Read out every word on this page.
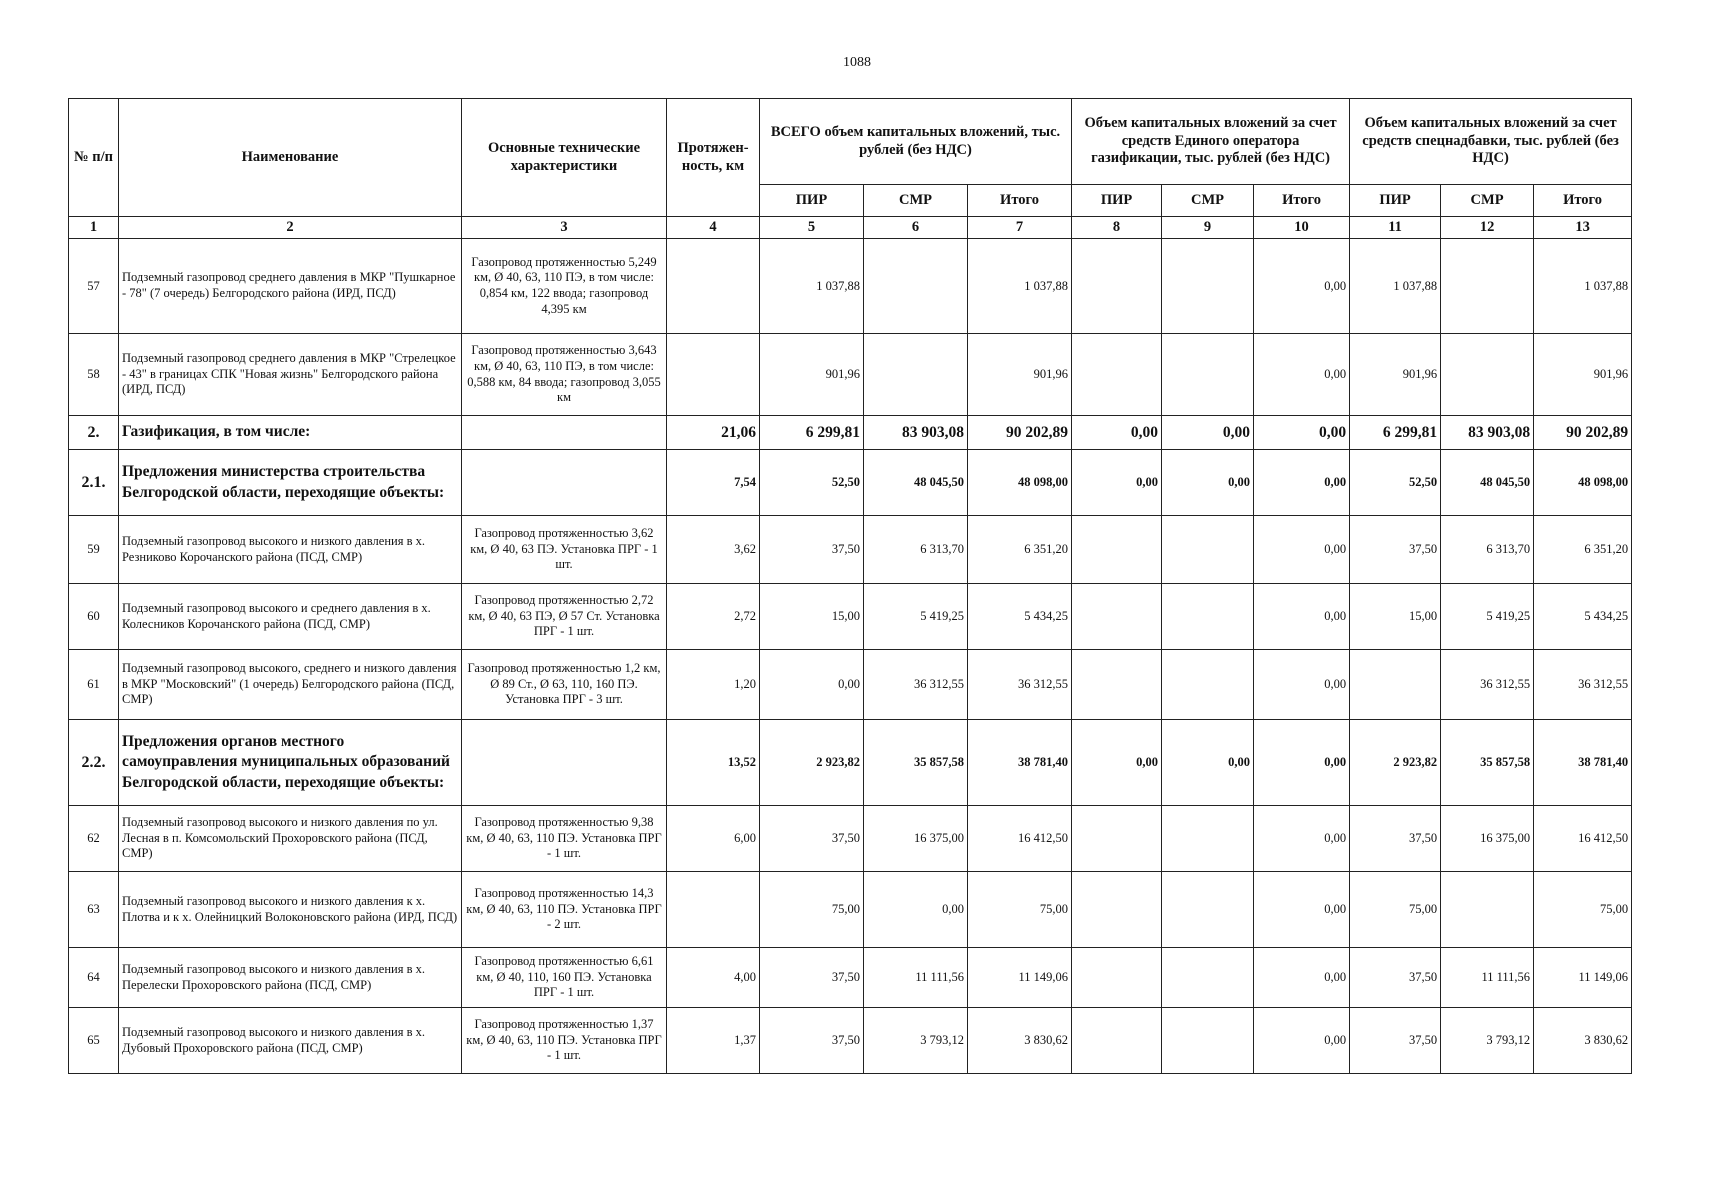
1088
№ п/п	Наименование	Основные технические характеристики	Протяжен-ность, км	ВСЕГО объем капитальных вложений, тыс. рублей (без НДС)			Объем капитальных вложений за счет средств Единого оператора газификации, тыс. рублей (без НДС)			Объем капитальных вложений за счет средств спецнадбавки, тыс. рублей (без НДС)		
				ПИР	СМР	Итого	ПИР	СМР	Итого	ПИР	СМР	Итого
1	2	3	4	5	6	7	8	9	10	11	12	13
57	Подземный газопровод среднего давления в МКР "Пушкарное - 78" (7 очередь) Белгородского района (ИРД, ПСД)	Газопровод протяженностью 5,249 км, Ø 40, 63, 110 ПЭ, в том числе: 0,854 км, 122 ввода; газопровод 4,395 км		1 037,88		1 037,88			0,00	1 037,88		1 037,88
58	Подземный газопровод среднего давления в МКР "Стрелецкое - 43" в границах СПК "Новая жизнь" Белгородского района (ИРД, ПСД)	Газопровод протяженностью 3,643 км, Ø 40, 63, 110 ПЭ, в том числе: 0,588 км, 84 ввода; газопровод 3,055 км		901,96		901,96			0,00	901,96		901,96
2.	Газификация, в том числе:		21,06	6 299,81	83 903,08	90 202,89	0,00	0,00	0,00	6 299,81	83 903,08	90 202,89
2.1.	Предложения министерства строительства Белгородской области, переходящие объекты:		7,54	52,50	48 045,50	48 098,00	0,00	0,00	0,00	52,50	48 045,50	48 098,00
59	Подземный газопровод высокого и низкого давления в х. Резниково Корочанского района (ПСД, СМР)	Газопровод протяженностью 3,62 км, Ø 40, 63 ПЭ. Установка ПРГ - 1 шт.	3,62	37,50	6 313,70	6 351,20			0,00	37,50	6 313,70	6 351,20
60	Подземный газопровод высокого и среднего давления в х. Колесников Корочанского района (ПСД, СМР)	Газопровод протяженностью 2,72 км, Ø 40, 63 ПЭ, Ø 57 Ст. Установка ПРГ - 1 шт.	2,72	15,00	5 419,25	5 434,25			0,00	15,00	5 419,25	5 434,25
61	Подземный газопровод высокого, среднего и низкого давления в МКР "Московский" (1 очередь) Белгородского района (ПСД, СМР)	Газопровод протяженностью 1,2 км, Ø 89 Ст., Ø 63, 110, 160 ПЭ. Установка ПРГ - 3 шт.	1,20	0,00	36 312,55	36 312,55			0,00		36 312,55	36 312,55
2.2.	Предложения органов местного самоуправления муниципальных образований Белгородской области, переходящие объекты:		13,52	2 923,82	35 857,58	38 781,40	0,00	0,00	0,00	2 923,82	35 857,58	38 781,40
62	Подземный газопровод высокого и низкого давления по ул. Лесная в п. Комсомольский Прохоровского района (ПСД, СМР)	Газопровод протяженностью 9,38 км, Ø 40, 63, 110 ПЭ. Установка ПРГ - 1 шт.	6,00	37,50	16 375,00	16 412,50			0,00	37,50	16 375,00	16 412,50
63	Подземный газопровод высокого и низкого давления к х. Плотва и к х. Олейницкий Волоконовского района (ИРД, ПСД)	Газопровод протяженностью 14,3 км, Ø 40, 63, 110 ПЭ. Установка ПРГ - 2 шт.		75,00	0,00	75,00			0,00	75,00		75,00
64	Подземный газопровод высокого и низкого давления в х. Перелески Прохоровского района (ПСД, СМР)	Газопровод протяженностью 6,61 км, Ø 40, 110, 160 ПЭ. Установка ПРГ - 1 шт.	4,00	37,50	11 111,56	11 149,06			0,00	37,50	11 111,56	11 149,06
65	Подземный газопровод высокого и низкого давления в х. Дубовый Прохоровского района (ПСД, СМР)	Газопровод протяженностью 1,37 км, Ø 40, 63, 110 ПЭ. Установка ПРГ - 1 шт.	1,37	37,50	3 793,12	3 830,62			0,00	37,50	3 793,12	3 830,62
